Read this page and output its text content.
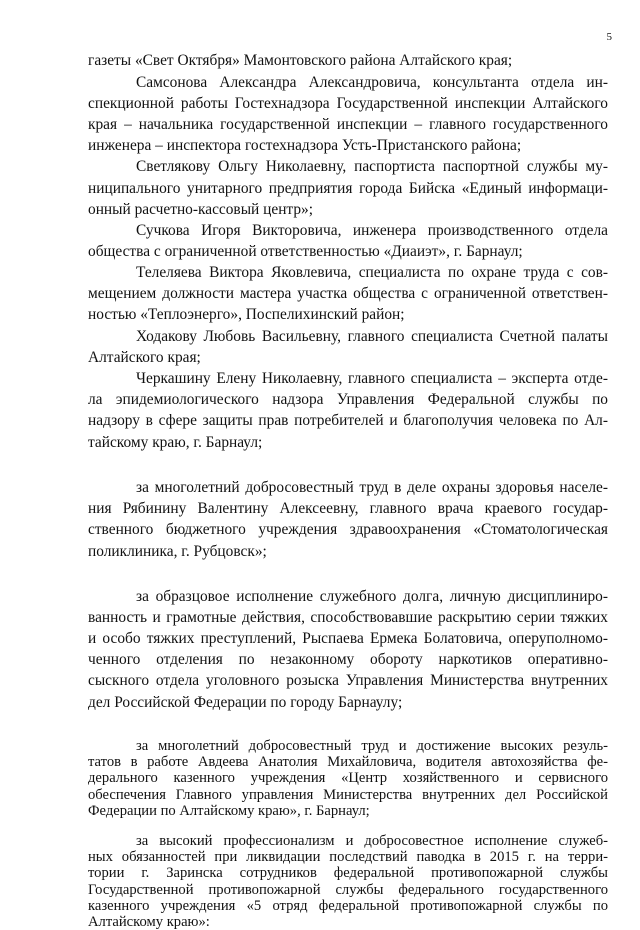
5
газеты «Свет Октября» Мамонтовского района Алтайского края;
Самсонова Александра Александровича, консультанта отдела ин-
спекционной работы Гостехнадзора Государственной инспекции Алтайского
края – начальника государственной инспекции – главного государственного
инженера – инспектора гостехнадзора Усть-Пристанского района;
Светлякову Ольгу Николаевну, паспортиста паспортной службы му-
ниципального унитарного предприятия города Бийска «Единый информаци-
онный расчетно-кассовый центр»;
Сучкова Игоря Викторовича, инженера производственного отдела
общества с ограниченной ответственностью «Диаиэт», г. Барнаул;
Телеляева Виктора Яковлевича, специалиста по охране труда с сов-
мещением должности мастера участка общества с ограниченной ответствен-
ностью «Теплоэнерго», Поспелихинский район;
Ходакову Любовь Васильевну, главного специалиста Счетной палаты
Алтайского края;
Черкашину Елену Николаевну, главного специалиста – эксперта отде-
ла эпидемиологического надзора Управления Федеральной службы по
надзору в сфере защиты прав потребителей и благополучия человека по Ал-
тайскому краю, г. Барнаул;
за многолетний добросовестный труд в деле охраны здоровья населе-
ния Рябинину Валентину Алексеевну, главного врача краевого государ-
ственного бюджетного учреждения здравоохранения «Стоматологическая
поликлиника, г. Рубцовск»;
за образцовое исполнение служебного долга, личную дисциплиниро-
ванность и грамотные действия, способствовавшие раскрытию серии тяжких
и особо тяжких преступлений, Рыспаева Ермека Болатовича, оперуполномо-
ченного отделения по незаконному обороту наркотиков оперативно-
сыскного отдела уголовного розыска Управления Министерства внутренних
дел Российской Федерации по городу Барнаулу;
за многолетний добросовестный труд и достижение высоких резуль-
татов в работе Авдеева Анатолия Михайловича, водителя автохозяйства фе-
дерального казенного учреждения «Центр хозяйственного и сервисного
обеспечения Главного управления Министерства внутренних дел Российской
Федерации по Алтайскому краю», г. Барнаул;
за высокий профессионализм и добросовестное исполнение служеб-
ных обязанностей при ликвидации последствий паводка в 2015 г. на терри-
тории г. Заринска сотрудников федеральной противопожарной службы
Государственной противопожарной службы федерального государственного
казенного учреждения «5 отряд федеральной противопожарной службы по
Алтайскому краю»:
